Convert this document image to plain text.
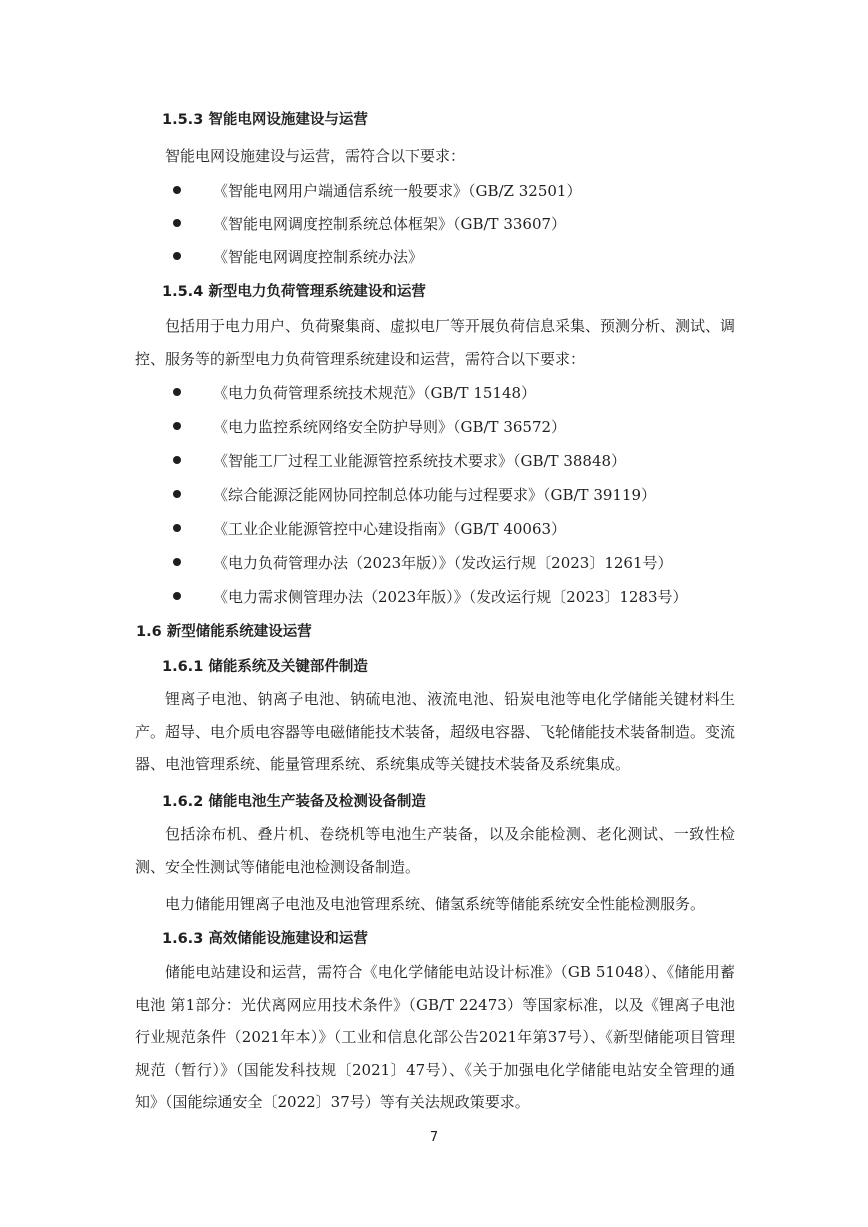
1.5.3 智能电网设施建设与运营
智能电网设施建设与运营，需符合以下要求：
《智能电网用户端通信系统一般要求》（GB/Z 32501）
《智能电网调度控制系统总体框架》（GB/T 33607）
《智能电网调度控制系统办法》
1.5.4 新型电力负荷管理系统建设和运营
包括用于电力用户、负荷聚集商、虚拟电厂等开展负荷信息采集、预测分析、测试、调控、服务等的新型电力负荷管理系统建设和运营，需符合以下要求：
《电力负荷管理系统技术规范》（GB/T 15148）
《电力监控系统网络安全防护导则》（GB/T 36572）
《智能工厂过程工业能源管控系统技术要求》（GB/T 38848）
《综合能源泛能网协同控制总体功能与过程要求》（GB/T 39119）
《工业企业能源管控中心建设指南》（GB/T 40063）
《电力负荷管理办法（2023年版）》（发改运行规〔2023〕1261号）
《电力需求侧管理办法（2023年版）》（发改运行规〔2023〕1283号）
1.6 新型储能系统建设运营
1.6.1 储能系统及关键部件制造
锂离子电池、钠离子电池、钠硫电池、液流电池、铅炭电池等电化学储能关键材料生产。超导、电介质电容器等电磁储能技术装备，超级电容器、飞轮储能技术装备制造。变流器、电池管理系统、能量管理系统、系统集成等关键技术装备及系统集成。
1.6.2 储能电池生产装备及检测设备制造
包括涂布机、叠片机、卷绕机等电池生产装备，以及余能检测、老化测试、一致性检测、安全性测试等储能电池检测设备制造。
电力储能用锂离子电池及电池管理系统、储氢系统等储能系统安全性能检测服务。
1.6.3 高效储能设施建设和运营
储能电站建设和运营，需符合《电化学储能电站设计标准》（GB 51048）、《储能用蓄电池 第1部分：光伏离网应用技术条件》（GB/T 22473）等国家标准，以及《锂离子电池行业规范条件（2021年本）》（工业和信息化部公告2021年第37号）、《新型储能项目管理规范（暂行）》（国能发科技规〔2021〕47号）、《关于加强电化学储能电站安全管理的通知》（国能综通安全〔2022〕37号）等有关法规政策要求。
7
